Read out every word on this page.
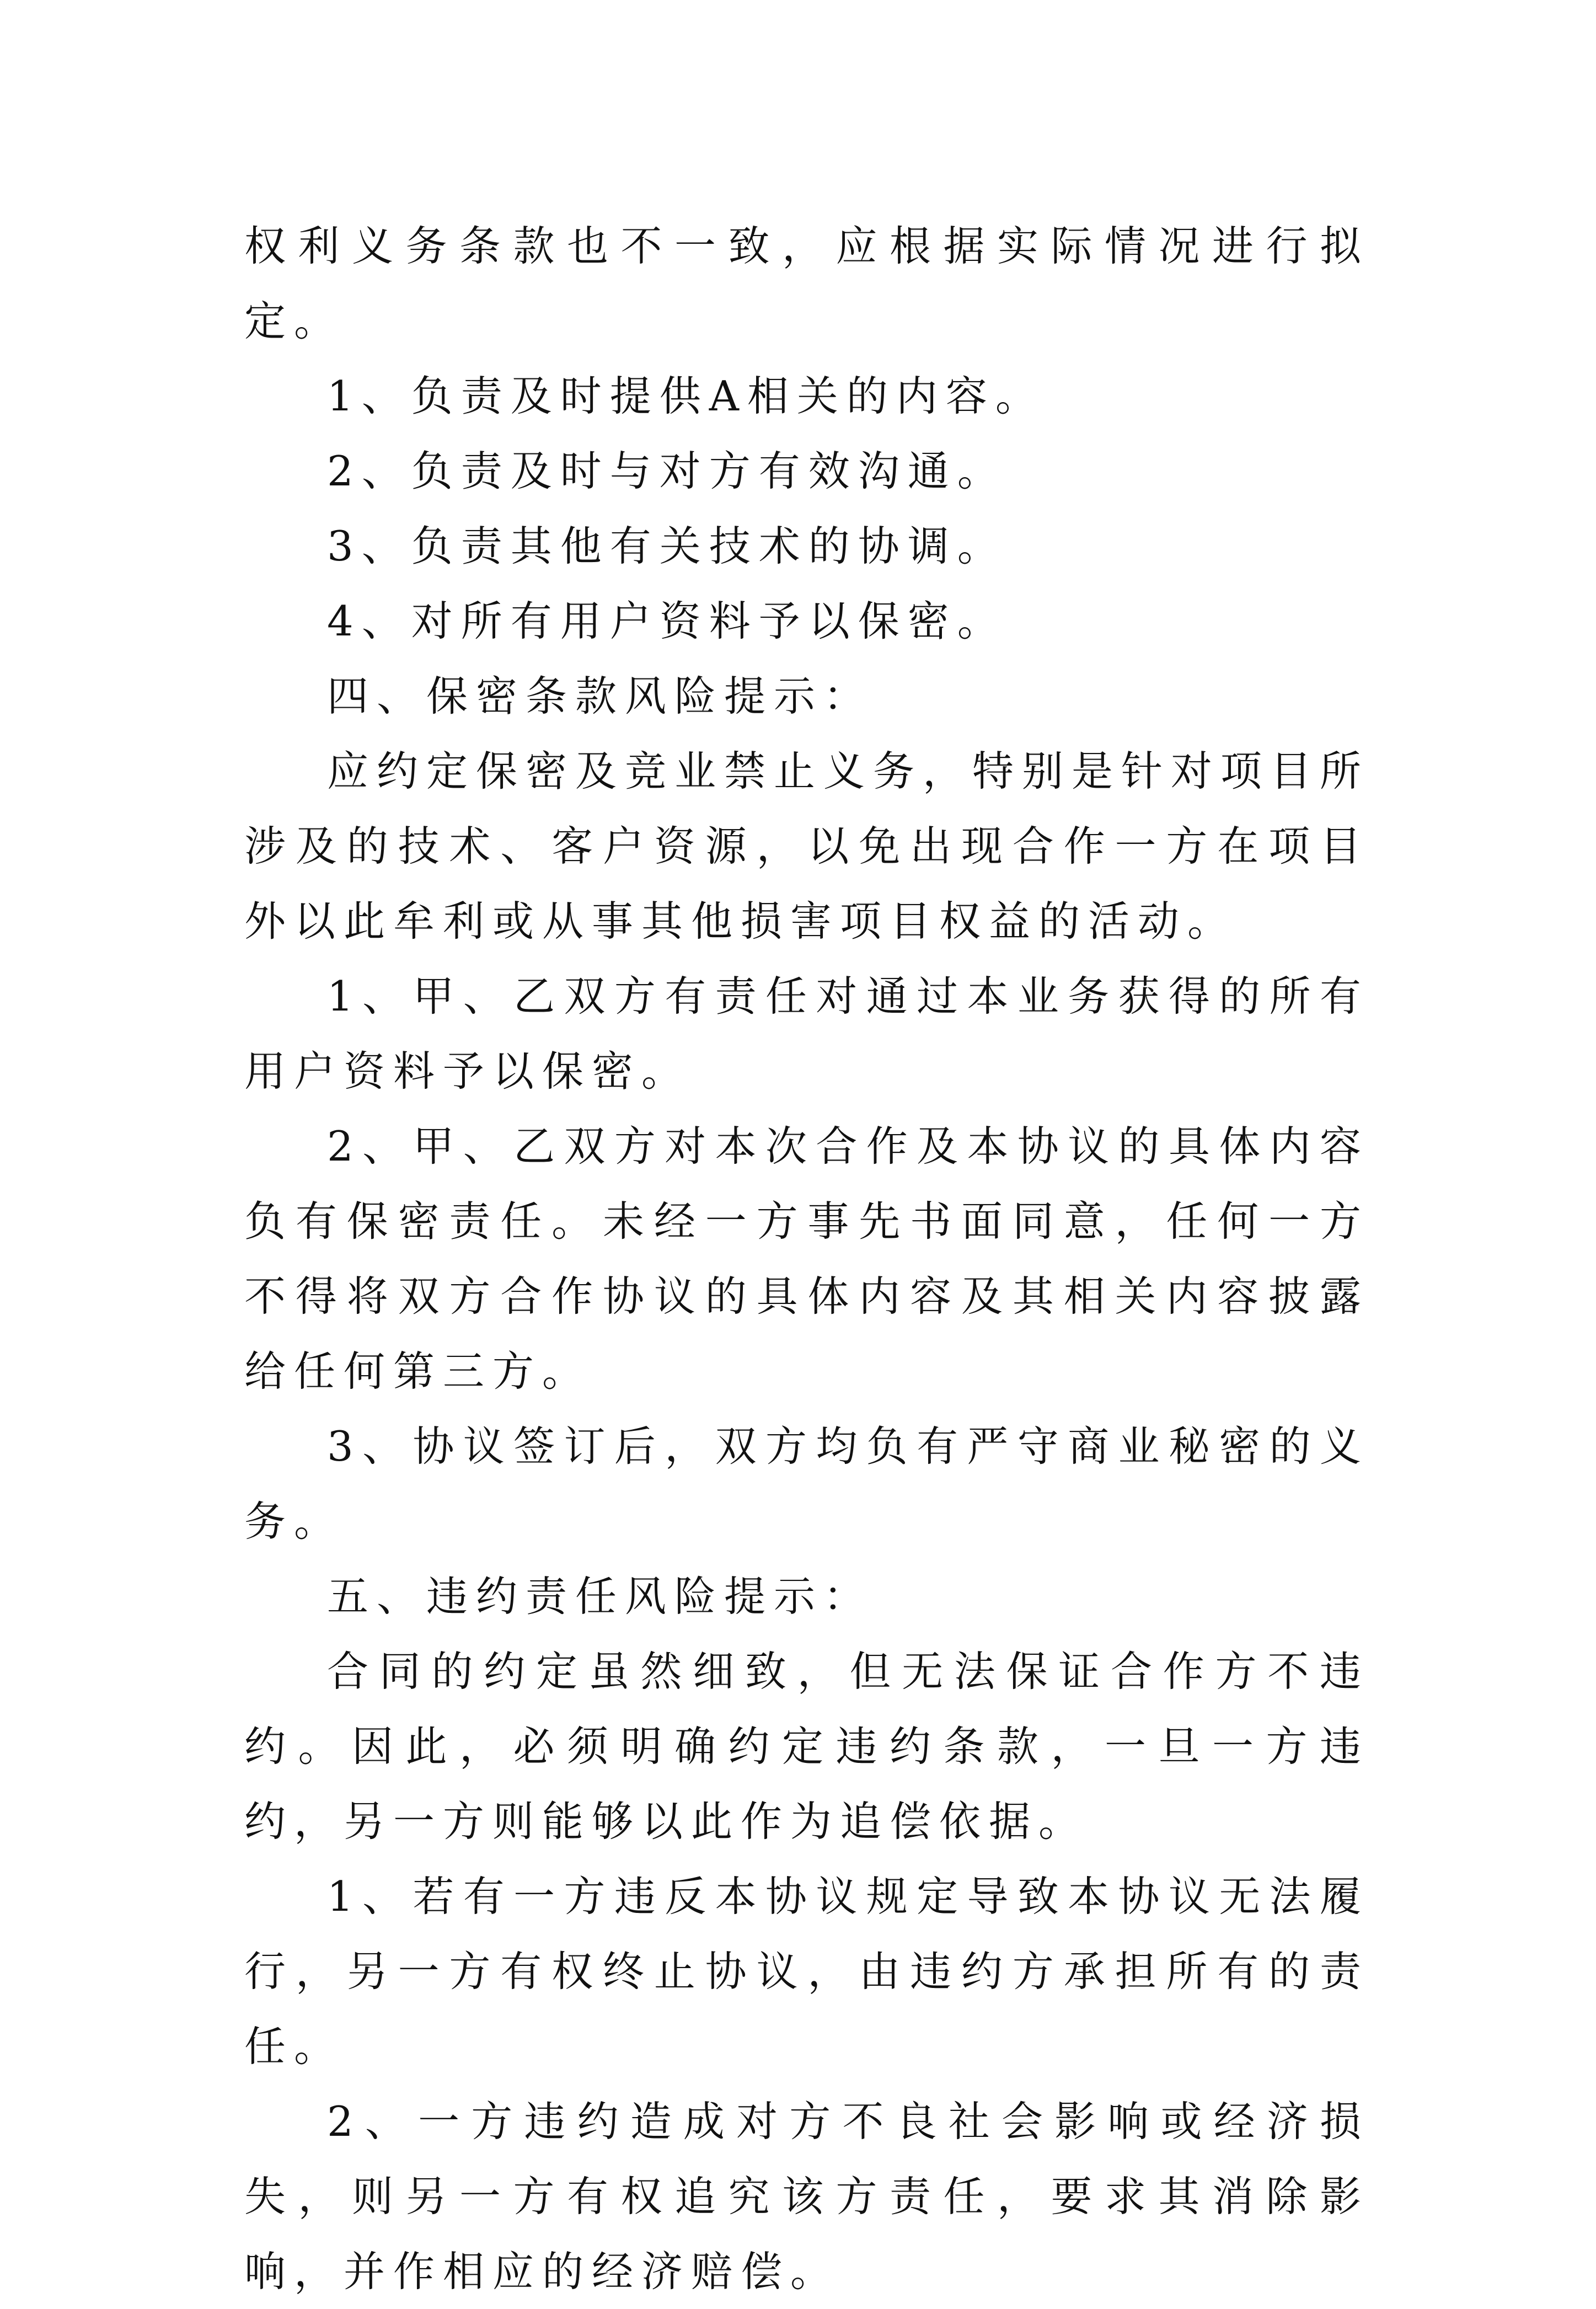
权利义务条款也不一致，应根据实际情况进行拟定。

1、负责及时提供A相关的内容。

2、负责及时与对方有效沟通。

3、负责其他有关技术的协调。

4、对所有用户资料予以保密。

四、保密条款风险提示：

应约定保密及竞业禁止义务，特别是针对项目所涉及的技术、客户资源，以免出现合作一方在项目外以此牟利或从事其他损害项目权益的活动。

1、甲、乙双方有责任对通过本业务获得的所有用户资料予以保密。

2、甲、乙双方对本次合作及本协议的具体内容负有保密责任。未经一方事先书面同意，任何一方不得将双方合作协议的具体内容及其相关内容披露给任何第三方。

3、协议签订后，双方均负有严守商业秘密的义务。

五、违约责任风险提示：

合同的约定虽然细致，但无法保证合作方不违约。因此，必须明确约定违约条款，一旦一方违约，另一方则能够以此作为追偿依据。

1、若有一方违反本协议规定导致本协议无法履行，另一方有权终止协议，由违约方承担所有的责任。

2、一方违约造成对方不良社会影响或经济损失，则另一方有权追究该方责任，要求其消除影响，并作相应的经济赔偿。
